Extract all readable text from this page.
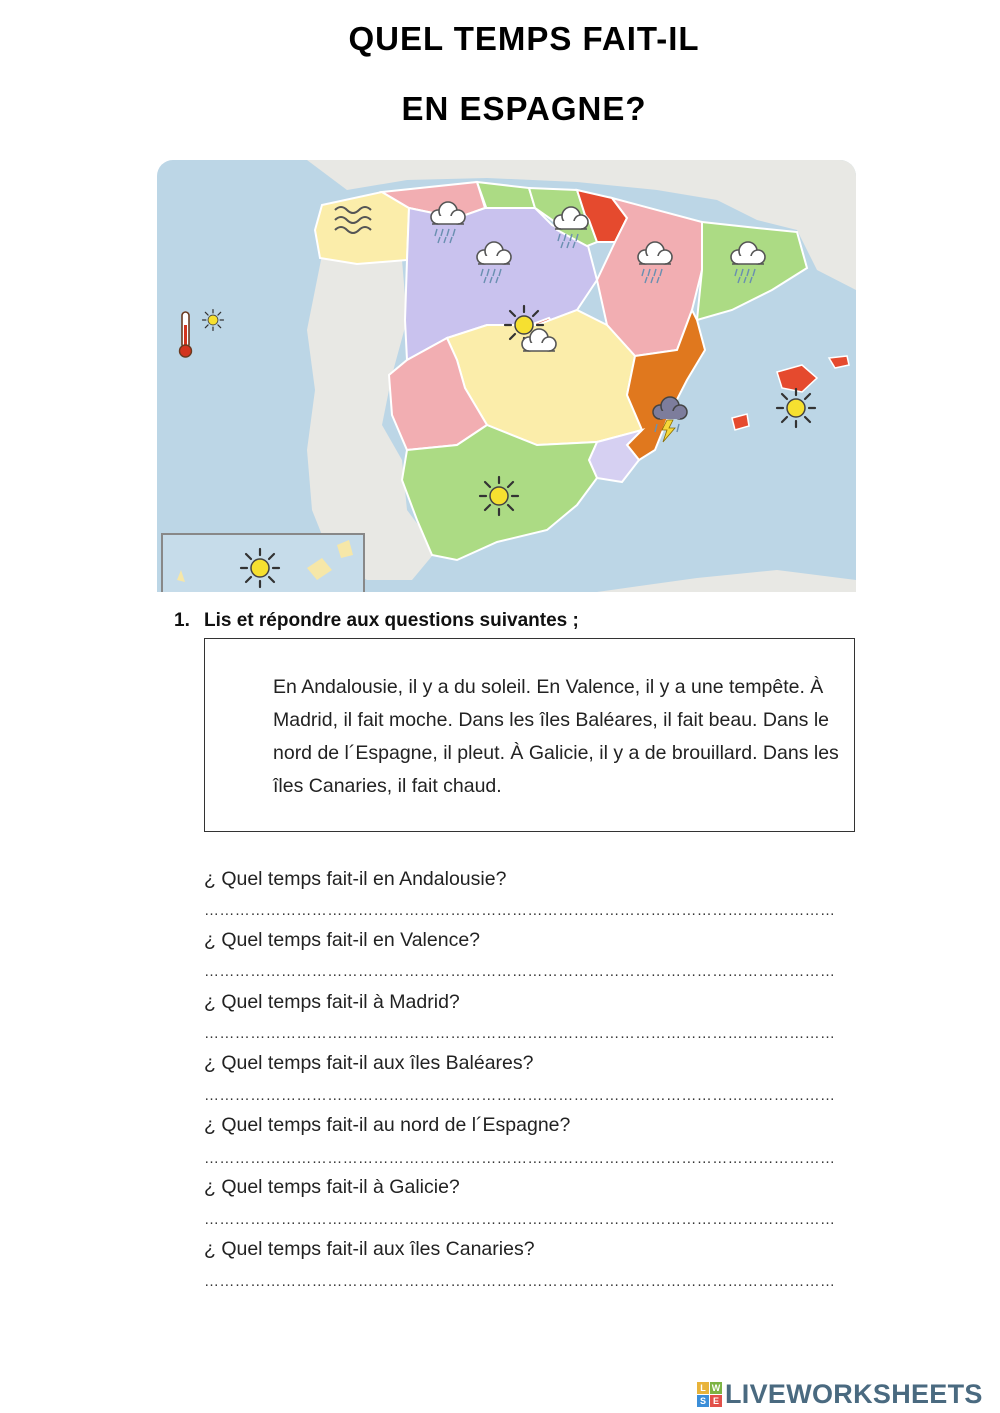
QUEL TEMPS FAIT-IL
EN ESPAGNE?
1. Lis et répondre aux questions suivantes ;

En Andalousie, il y a du soleil. En Valence, il y a une tempête. À Madrid, il fait moche. Dans les îles Baléares, il fait beau. Dans le nord de l´Espagne, il pleut. À Galicie, il y a de brouillard. Dans les îles Canaries, il fait chaud.

¿ Quel temps fait-il en Andalousie?
……………………………………………………………………………………………………………
¿ Quel temps fait-il en Valence?
……………………………………………………………………………………………………………
¿ Quel temps fait-il à Madrid?
……………………………………………………………………………………………………………
¿ Quel temps fait-il aux îles Baléares?
……………………………………………………………………………………………………………
¿ Quel temps fait-il au nord de l´Espagne?
……………………………………………………………………………………………………………
¿ Quel temps fait-il à Galicie?
……………………………………………………………………………………………………………
¿ Quel temps fait-il aux îles Canaries?
……………………………………………………………………………………………………………
L W
S E LIVEWORKSHEETS
